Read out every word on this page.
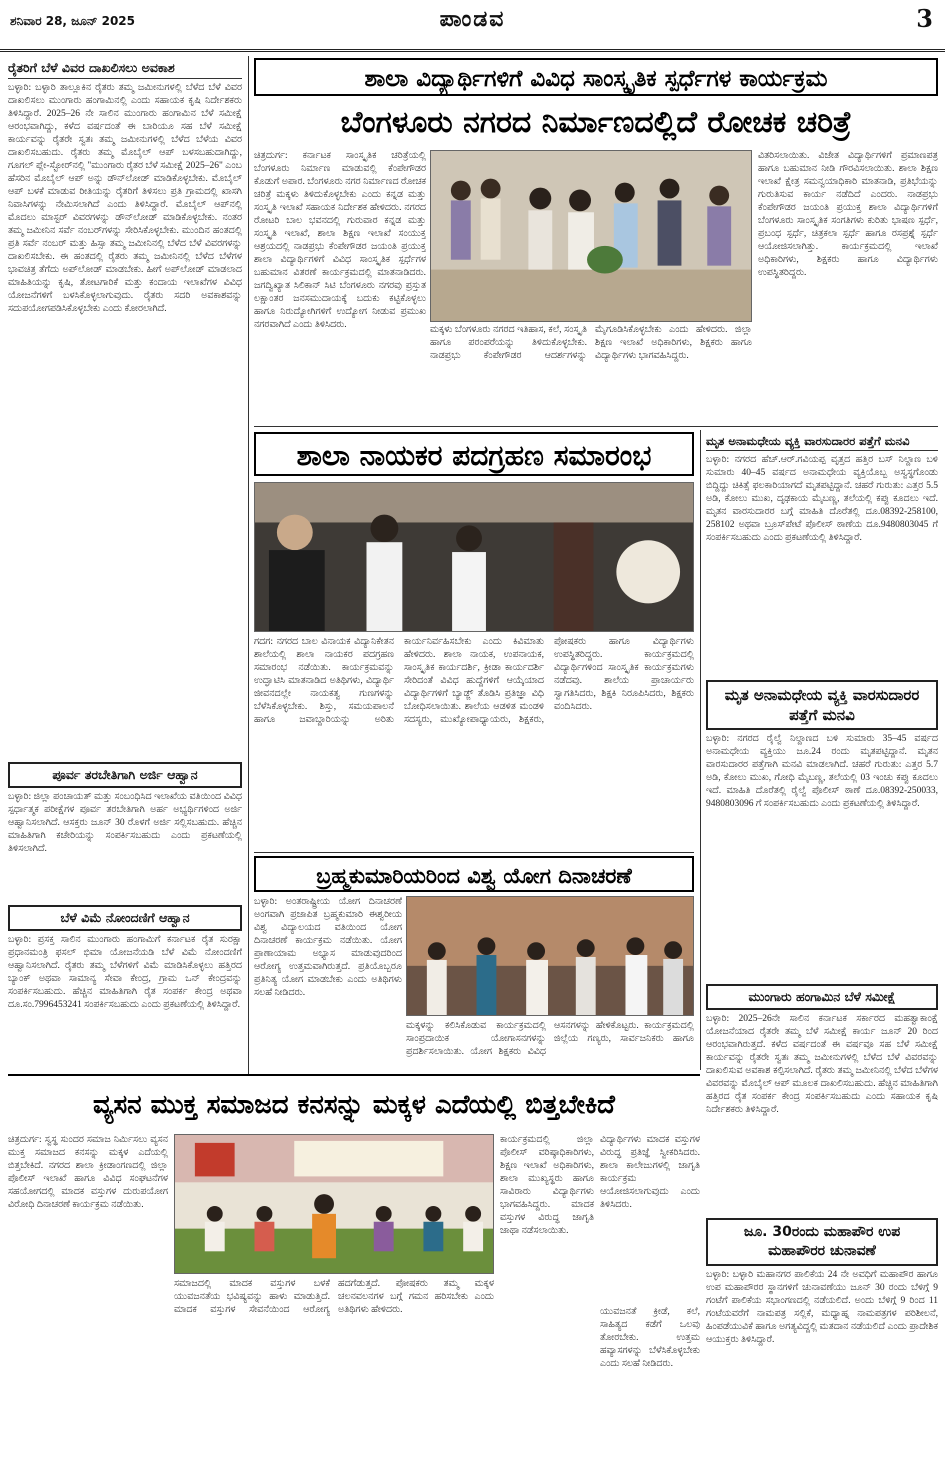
ಶನಿವಾರ 28, ಜೂನ್ 2025	ಪಾಂಡವ	3
ರೈತರಿಗೆ ಬೆಳೆ ವಿವರ ದಾಖಲಿಸಲು ಅವಕಾಶ
ಬಳ್ಳಾರಿ: ಬಳ್ಳಾರಿ ತಾಲ್ಲೂಕಿನ ರೈತರು ತಮ್ಮ ಜಮೀನುಗಳಲ್ಲಿ ಬೆಳೆದ ಬೆಳೆ ವಿವರ ದಾಖಲಿಸಲು ಮುಂಗಾರು ಹಂಗಾಮಿನಲ್ಲಿ ಎಂದು ಸಹಾಯಕ ಕೃಷಿ ನಿರ್ದೇಶಕರು ತಿಳಿಸಿದ್ದಾರೆ. 2025–26 ನೇ ಸಾಲಿನ ಮುಂಗಾರು ಹಂಗಾಮಿನ ಬೆಳೆ ಸಮೀಕ್ಷೆ ಆರಂಭವಾಗಿದ್ದು, ಕಳೆದ ವರ್ಷದಂತೆ ಈ ಬಾರಿಯೂ ಸಹ ಬೆಳೆ ಸಮೀಕ್ಷೆ ಕಾರ್ಯವನ್ನು ರೈತರೇ ಸ್ವತಃ ತಮ್ಮ ಜಮೀನುಗಳಲ್ಲಿ ಬೆಳೆದ ಬೆಳೆಯ ವಿವರ ದಾಖಲಿಸಬಹುದು. ರೈತರು ತಮ್ಮ ಮೊಬೈಲ್ ಆಪ್ ಬಳಸಬಹುದಾಗಿದ್ದು, ಗೂಗಲ್ ಪ್ಲೇ-ಸ್ಟೋರ್‌ನಲ್ಲಿ "ಮುಂಗಾರು ರೈತರ ಬೆಳೆ ಸಮೀಕ್ಷೆ 2025–26" ಎಂಬ ಹೆಸರಿನ ಮೊಬೈಲ್ ಆಪ್ ಅನ್ನು ಡೌನ್‌ಲೋಡ್ ಮಾಡಿಕೊಳ್ಳಬೇಕು. ಮೊಬೈಲ್ ಆಪ್ ಬಳಕೆ ಮಾಡುವ ರೀತಿಯನ್ನು ರೈತರಿಗೆ ತಿಳಿಸಲು ಪ್ರತಿ ಗ್ರಾಮದಲ್ಲಿ ಖಾಸಗಿ ನಿವಾಸಿಗಳನ್ನು ನೇಮಿಸಲಾಗಿದೆ ಎಂದು ತಿಳಿಸಿದ್ದಾರೆ. ಮೊಬೈಲ್ ಆಪ್‌ನಲ್ಲಿ ಮೊದಲು ಮಾಸ್ಟರ್ ವಿವರಗಳನ್ನು ಡೌನ್‌ಲೋಡ್ ಮಾಡಿಕೊಳ್ಳಬೇಕು. ನಂತರ ತಮ್ಮ ಜಮೀನಿನ ಸರ್ವೆ ನಂಬರ್‌ಗಳನ್ನು ಸೇರಿಸಿಕೊಳ್ಳಬೇಕು. ಮುಂದಿನ ಹಂತದಲ್ಲಿ ಪ್ರತಿ ಸರ್ವೆ ನಂಬರ್ ಮತ್ತು ಹಿಸ್ಸಾ ತಮ್ಮ ಜಮೀನಿನಲ್ಲಿ ಬೆಳೆದ ಬೆಳೆ ವಿವರಗಳನ್ನು ದಾಖಲಿಸಬೇಕು. ಈ ಹಂತದಲ್ಲಿ ರೈತರು ತಮ್ಮ ಜಮೀನಿನಲ್ಲಿ ಬೆಳೆದ ಬೆಳೆಗಳ ಭಾವಚಿತ್ರ ತೆಗೆದು ಅಪ್‌ಲೋಡ್ ಮಾಡಬೇಕು. ಹೀಗೆ ಅಪ್‌ಲೋಡ್ ಮಾಡಲಾದ ಮಾಹಿತಿಯನ್ನು ಕೃಷಿ, ತೋಟಗಾರಿಕೆ ಮತ್ತು ಕಂದಾಯ ಇಲಾಖೆಗಳ ವಿವಿಧ ಯೋಜನೆಗಳಿಗೆ ಬಳಸಿಕೊಳ್ಳಲಾಗುವುದು. ರೈತರು ಸದರಿ ಅವಕಾಶವನ್ನು ಸದುಪಯೋಗಪಡಿಸಿಕೊಳ್ಳಬೇಕು ಎಂದು ಕೋರಲಾಗಿದೆ.
ಪೂರ್ವ ತರಬೇತಿಗಾಗಿ ಅರ್ಜಿ ಆಹ್ವಾನ
ಬಳ್ಳಾರಿ: ಜಿಲ್ಲಾ ಪಂಚಾಯತ್ ಮತ್ತು ಸಂಬಂಧಿಸಿದ ಇಲಾಖೆಯ ವತಿಯಿಂದ ವಿವಿಧ ಸ್ಪರ್ಧಾತ್ಮಕ ಪರೀಕ್ಷೆಗಳ ಪೂರ್ವ ತರಬೇತಿಗಾಗಿ ಅರ್ಹ ಅಭ್ಯರ್ಥಿಗಳಿಂದ ಅರ್ಜಿ ಆಹ್ವಾನಿಸಲಾಗಿದೆ. ಆಸಕ್ತರು ಜೂನ್ 30 ರೊಳಗೆ ಅರ್ಜಿ ಸಲ್ಲಿಸಬಹುದು. ಹೆಚ್ಚಿನ ಮಾಹಿತಿಗಾಗಿ ಕಚೇರಿಯನ್ನು ಸಂಪರ್ಕಿಸಬಹುದು ಎಂದು ಪ್ರಕಟಣೆಯಲ್ಲಿ ತಿಳಿಸಲಾಗಿದೆ.
ಬೆಳೆ ವಿಮೆ ನೋಂದಣಿಗೆ ಆಹ್ವಾನ
ಬಳ್ಳಾರಿ: ಪ್ರಸಕ್ತ ಸಾಲಿನ ಮುಂಗಾರು ಹಂಗಾಮಿಗೆ ಕರ್ನಾಟಕ ರೈತ ಸುರಕ್ಷಾ ಪ್ರಧಾನಮಂತ್ರಿ ಫಸಲ್ ಭಿಮಾ ಯೋಜನೆಯಡಿ ಬೆಳೆ ವಿಮೆ ನೋಂದಣಿಗೆ ಆಹ್ವಾನಿಸಲಾಗಿದೆ. ರೈತರು ತಮ್ಮ ಬೆಳೆಗಳಿಗೆ ವಿಮೆ ಮಾಡಿಸಿಕೊಳ್ಳಲು ಹತ್ತಿರದ ಬ್ಯಾಂಕ್ ಅಥವಾ ಸಾಮಾನ್ಯ ಸೇವಾ ಕೇಂದ್ರ, ಗ್ರಾಮ ಒನ್ ಕೇಂದ್ರವನ್ನು ಸಂಪರ್ಕಿಸಬಹುದು. ಹೆಚ್ಚಿನ ಮಾಹಿತಿಗಾಗಿ ರೈತ ಸಂಪರ್ಕ ಕೇಂದ್ರ ಅಥವಾ ದೂ.ಸಂ.7996453241 ಸಂಪರ್ಕಿಸಬಹುದು ಎಂದು ಪ್ರಕಟಣೆಯಲ್ಲಿ ತಿಳಿಸಿದ್ದಾರೆ.
ಶಾಲಾ ವಿದ್ಯಾರ್ಥಿಗಳಿಗೆ ವಿವಿಧ ಸಾಂಸ್ಕೃತಿಕ ಸ್ಪರ್ಧೆಗಳ ಕಾರ್ಯಕ್ರಮ
ಬೆಂಗಳೂರು ನಗರದ ನಿರ್ಮಾಣದಲ್ಲಿದೆ ರೋಚಕ ಚರಿತ್ರೆ
ಚಿತ್ರದುರ್ಗ: ಕರ್ನಾಟಕ ಸಾಂಸ್ಕೃತಿಕ ಚರಿತ್ರೆಯಲ್ಲಿ ಬೆಂಗಳೂರು ನಿರ್ಮಾಣ ಮಾಡುವಲ್ಲಿ ಕೆಂಪೇಗೌಡರ ಕೊಡುಗೆ ಅಪಾರ. ಬೆಂಗಳೂರು ನಗರ ನಿರ್ಮಾಣದ ರೋಚಕ ಚರಿತ್ರೆ ಮಕ್ಕಳು ತಿಳಿದುಕೊಳ್ಳಬೇಕು ಎಂದು ಕನ್ನಡ ಮತ್ತು ಸಂಸ್ಕೃತಿ ಇಲಾಖೆ ಸಹಾಯಕ ನಿರ್ದೇಶಕ ಹೇಳಿದರು. ನಗರದ ರೋಟರಿ ಬಾಲ ಭವನದಲ್ಲಿ ಗುರುವಾರ ಕನ್ನಡ ಮತ್ತು ಸಂಸ್ಕೃತಿ ಇಲಾಖೆ, ಶಾಲಾ ಶಿಕ್ಷಣ ಇಲಾಖೆ ಸಂಯುಕ್ತ ಆಶ್ರಯದಲ್ಲಿ ನಾಡಪ್ರಭು ಕೆಂಪೇಗೌಡರ ಜಯಂತಿ ಪ್ರಯುಕ್ತ ಶಾಲಾ ವಿದ್ಯಾರ್ಥಿಗಳಿಗೆ ವಿವಿಧ ಸಾಂಸ್ಕೃತಿಕ ಸ್ಪರ್ಧೆಗಳ ಬಹುಮಾನ ವಿತರಣೆ ಕಾರ್ಯಕ್ರಮದಲ್ಲಿ ಮಾತನಾಡಿದರು. ಜಗದ್ವಿಖ್ಯಾತ ಸಿಲಿಕಾನ್ ಸಿಟಿ ಬೆಂಗಳೂರು ನಗರವು ಪ್ರಸ್ತುತ ಲಕ್ಷಾಂತರ ಜನಸಮುದಾಯಕ್ಕೆ ಬದುಕು ಕಟ್ಟಿಕೊಳ್ಳಲು ಹಾಗೂ ನಿರುದ್ಯೋಗಿಗಳಿಗೆ ಉದ್ಯೋಗ ನೀಡುವ ಪ್ರಮುಖ ನಗರವಾಗಿದೆ ಎಂದು ತಿಳಿಸಿದರು.	ಮಕ್ಕಳು ಬೆಂಗಳೂರು ನಗರದ ಇತಿಹಾಸ, ಕಲೆ, ಸಂಸ್ಕೃತಿ ಹಾಗೂ ಪರಂಪರೆಯನ್ನು ತಿಳಿದುಕೊಳ್ಳಬೇಕು. ನಾಡಪ್ರಭು ಕೆಂಪೇಗೌಡರ ಆದರ್ಶಗಳನ್ನು ಮೈಗೂಡಿಸಿಕೊಳ್ಳಬೇಕು ಎಂದು ಹೇಳಿದರು. ಜಿಲ್ಲಾ ಶಿಕ್ಷಣ ಇಲಾಖೆ ಅಧಿಕಾರಿಗಳು, ಶಿಕ್ಷಕರು ಹಾಗೂ ವಿದ್ಯಾರ್ಥಿಗಳು ಭಾಗವಹಿಸಿದ್ದರು.
ವಿತರಿಸಲಾಯಿತು. ವಿಜೇತ ವಿದ್ಯಾರ್ಥಿಗಳಿಗೆ ಪ್ರಮಾಣಪತ್ರ ಹಾಗೂ ಬಹುಮಾನ ನೀಡಿ ಗೌರವಿಸಲಾಯಿತು. ಶಾಲಾ ಶಿಕ್ಷಣ ಇಲಾಖೆ ಕ್ಷೇತ್ರ ಸಮನ್ವಯಾಧಿಕಾರಿ ಮಾತನಾಡಿ, ಪ್ರತಿಭೆಯನ್ನು ಗುರುತಿಸುವ ಕಾರ್ಯ ನಡೆದಿದೆ ಎಂದರು. ನಾಡಪ್ರಭು ಕೆಂಪೇಗೌಡರ ಜಯಂತಿ ಪ್ರಯುಕ್ತ ಶಾಲಾ ವಿದ್ಯಾರ್ಥಿಗಳಿಗೆ ಬೆಂಗಳೂರು ಸಾಂಸ್ಕೃತಿಕ ಸಂಗತಿಗಳು ಕುರಿತು ಭಾಷಣ ಸ್ಪರ್ಧೆ, ಪ್ರಬಂಧ ಸ್ಪರ್ಧೆ, ಚಿತ್ರಕಲಾ ಸ್ಪರ್ಧೆ ಹಾಗೂ ರಸಪ್ರಶ್ನೆ ಸ್ಪರ್ಧೆ ಆಯೋಜಿಸಲಾಗಿತ್ತು. ಕಾರ್ಯಕ್ರಮದಲ್ಲಿ ಇಲಾಖೆ ಅಧಿಕಾರಿಗಳು, ಶಿಕ್ಷಕರು ಹಾಗೂ ವಿದ್ಯಾರ್ಥಿಗಳು ಉಪಸ್ಥಿತರಿದ್ದರು.
ಶಾಲಾ ನಾಯಕರ ಪದಗ್ರಹಣ ಸಮಾರಂಭ
ಗದಗ: ನಗರದ ಬಾಲ ವಿನಾಯಕ ವಿದ್ಯಾನಿಕೇತನ ಶಾಲೆಯಲ್ಲಿ ಶಾಲಾ ನಾಯಕರ ಪದಗ್ರಹಣ ಸಮಾರಂಭ ನಡೆಯಿತು. ಕಾರ್ಯಕ್ರಮವನ್ನು ಉದ್ಘಾಟಿಸಿ ಮಾತನಾಡಿದ ಅತಿಥಿಗಳು, ವಿದ್ಯಾರ್ಥಿ ಜೀವನದಲ್ಲೇ ನಾಯಕತ್ವ ಗುಣಗಳನ್ನು ಬೆಳೆಸಿಕೊಳ್ಳಬೇಕು. ಶಿಸ್ತು, ಸಮಯಪಾಲನೆ ಹಾಗೂ ಜವಾಬ್ದಾರಿಯನ್ನು ಅರಿತು ಕಾರ್ಯನಿರ್ವಹಿಸಬೇಕು ಎಂದು ಕಿವಿಮಾತು ಹೇಳಿದರು. ಶಾಲಾ ನಾಯಕ, ಉಪನಾಯಕ, ಸಾಂಸ್ಕೃತಿಕ ಕಾರ್ಯದರ್ಶಿ, ಕ್ರೀಡಾ ಕಾರ್ಯದರ್ಶಿ ಸೇರಿದಂತೆ ವಿವಿಧ ಹುದ್ದೆಗಳಿಗೆ ಆಯ್ಕೆಯಾದ ವಿದ್ಯಾರ್ಥಿಗಳಿಗೆ ಬ್ಯಾಡ್ಜ್ ತೊಡಿಸಿ ಪ್ರತಿಜ್ಞಾ ವಿಧಿ ಬೋಧಿಸಲಾಯಿತು. ಶಾಲೆಯ ಆಡಳಿತ ಮಂಡಳಿ ಸದಸ್ಯರು, ಮುಖ್ಯೋಪಾಧ್ಯಾಯರು, ಶಿಕ್ಷಕರು, ಪೋಷಕರು ಹಾಗೂ ವಿದ್ಯಾರ್ಥಿಗಳು ಉಪಸ್ಥಿತರಿದ್ದರು. ಕಾರ್ಯಕ್ರಮದಲ್ಲಿ ವಿದ್ಯಾರ್ಥಿಗಳಿಂದ ಸಾಂಸ್ಕೃತಿಕ ಕಾರ್ಯಕ್ರಮಗಳು ನಡೆದವು. ಶಾಲೆಯ ಪ್ರಾಚಾರ್ಯರು ಸ್ವಾಗತಿಸಿದರು, ಶಿಕ್ಷಕಿ ನಿರೂಪಿಸಿದರು, ಶಿಕ್ಷಕರು ವಂದಿಸಿದರು.
ಮೃತ ಅನಾಮಧೇಯ ವ್ಯಕ್ತಿ ವಾರಸುದಾರರ ಪತ್ತೆಗೆ ಮನವಿ
ಬಳ್ಳಾರಿ: ನಗರದ ಹೆಚ್.ಆರ್.ಗವಿಯಪ್ಪ ವೃತ್ತದ ಹತ್ತಿರ ಬಸ್ ನಿಲ್ದಾಣ ಬಳಿ ಸುಮಾರು 40–45 ವರ್ಷದ ಅನಾಮಧೇಯ ವ್ಯಕ್ತಿಯೊಬ್ಬ ಅಸ್ವಸ್ಥಗೊಂಡು ಬಿದ್ದಿದ್ದು ಚಿಕಿತ್ಸೆ ಫಲಕಾರಿಯಾಗದೆ ಮೃತಪಟ್ಟಿದ್ದಾನೆ. ಚಹರೆ ಗುರುತು: ಎತ್ತರ 5.5 ಅಡಿ, ಕೋಲು ಮುಖ, ದೃಢಕಾಯ ಮೈಬಣ್ಣ, ತಲೆಯಲ್ಲಿ ಕಪ್ಪು ಕೂದಲು ಇದೆ. ಮೃತನ ವಾರಸುದಾರರ ಬಗ್ಗೆ ಮಾಹಿತಿ ದೊರೆತಲ್ಲಿ ದೂ.08392-258100, 258102 ಅಥವಾ ಬ್ರೂಸ್‌ಪೇಟೆ ಪೊಲೀಸ್ ಠಾಣೆಯ ದೂ.9480803045 ಗೆ ಸಂಪರ್ಕಿಸಬಹುದು ಎಂದು ಪ್ರಕಟಣೆಯಲ್ಲಿ ತಿಳಿಸಿದ್ದಾರೆ.
ಮೃತ ಅನಾಮಧೇಯ ವ್ಯಕ್ತಿ ವಾರಸುದಾರರ ಪತ್ತೆಗೆ ಮನವಿ
ಬಳ್ಳಾರಿ: ನಗರದ ರೈಲ್ವೆ ನಿಲ್ದಾಣದ ಬಳಿ ಸುಮಾರು 35–45 ವರ್ಷದ ಅನಾಮಧೇಯ ವ್ಯಕ್ತಿಯು ಜೂ.24 ರಂದು ಮೃತಪಟ್ಟಿದ್ದಾನೆ. ಮೃತನ ವಾರಸುದಾರರ ಪತ್ತೆಗಾಗಿ ಮನವಿ ಮಾಡಲಾಗಿದೆ. ಚಹರೆ ಗುರುತು: ಎತ್ತರ 5.7 ಅಡಿ, ಕೋಲು ಮುಖ, ಗೋಧಿ ಮೈಬಣ್ಣ, ತಲೆಯಲ್ಲಿ 03 ಇಂಚು ಕಪ್ಪು ಕೂದಲು ಇದೆ. ಮಾಹಿತಿ ದೊರೆತಲ್ಲಿ ರೈಲ್ವೆ ಪೊಲೀಸ್ ಠಾಣೆ ದೂ.08392-250033, 9480803096 ಗೆ ಸಂಪರ್ಕಿಸಬಹುದು ಎಂದು ಪ್ರಕಟಣೆಯಲ್ಲಿ ತಿಳಿಸಿದ್ದಾರೆ.
ಮುಂಗಾರು ಹಂಗಾಮಿನ ಬೆಳೆ ಸಮೀಕ್ಷೆ
ಬಳ್ಳಾರಿ: 2025–26ನೇ ಸಾಲಿನ ಕರ್ನಾಟಕ ಸರ್ಕಾರದ ಮಹತ್ವಾಕಾಂಕ್ಷೆ ಯೋಜನೆಯಾದ ರೈತರೇ ತಮ್ಮ ಬೆಳೆ ಸಮೀಕ್ಷೆ ಕಾರ್ಯ ಜೂನ್ 20 ರಿಂದ ಆರಂಭವಾಗಿರುತ್ತದೆ. ಕಳೆದ ವರ್ಷದಂತೆ ಈ ವರ್ಷವೂ ಸಹ ಬೆಳೆ ಸಮೀಕ್ಷೆ ಕಾರ್ಯವನ್ನು ರೈತರೇ ಸ್ವತಃ ತಮ್ಮ ಜಮೀನುಗಳಲ್ಲಿ ಬೆಳೆದ ಬೆಳೆ ವಿವರವನ್ನು ದಾಖಲಿಸುವ ಅವಕಾಶ ಕಲ್ಪಿಸಲಾಗಿದೆ. ರೈತರು ತಮ್ಮ ಜಮೀನಿನಲ್ಲಿ ಬೆಳೆದ ಬೆಳೆಗಳ ವಿವರವನ್ನು ಮೊಬೈಲ್ ಆಪ್ ಮೂಲಕ ದಾಖಲಿಸಬಹುದು. ಹೆಚ್ಚಿನ ಮಾಹಿತಿಗಾಗಿ ಹತ್ತಿರದ ರೈತ ಸಂಪರ್ಕ ಕೇಂದ್ರ ಸಂಪರ್ಕಿಸಬಹುದು ಎಂದು ಸಹಾಯಕ ಕೃಷಿ ನಿರ್ದೇಶಕರು ತಿಳಿಸಿದ್ದಾರೆ.
ಜೂ. 30ರಂದು ಮಹಾಪೌರ ಉಪ ಮಹಾಪೌರರ ಚುನಾವಣೆ
ಬಳ್ಳಾರಿ: ಬಳ್ಳಾರಿ ಮಹಾನಗರ ಪಾಲಿಕೆಯ 24 ನೇ ಅವಧಿಗೆ ಮಹಾಪೌರ ಹಾಗೂ ಉಪ ಮಹಾಪೌರರ ಸ್ಥಾನಗಳಿಗೆ ಚುನಾವಣೆಯು ಜೂನ್ 30 ರಂದು ಬೆಳಿಗ್ಗೆ 9 ಗಂಟೆಗೆ ಪಾಲಿಕೆಯ ಸಭಾಂಗಣದಲ್ಲಿ ನಡೆಯಲಿದೆ. ಅಂದು ಬೆಳಿಗ್ಗೆ 9 ರಿಂದ 11 ಗಂಟೆಯವರೆಗೆ ನಾಮಪತ್ರ ಸಲ್ಲಿಕೆ, ಮಧ್ಯಾಹ್ನ ನಾಮಪತ್ರಗಳ ಪರಿಶೀಲನೆ, ಹಿಂಪಡೆಯುವಿಕೆ ಹಾಗೂ ಅಗತ್ಯವಿದ್ದಲ್ಲಿ ಮತದಾನ ನಡೆಯಲಿದೆ ಎಂದು ಪ್ರಾದೇಶಿಕ ಆಯುಕ್ತರು ತಿಳಿಸಿದ್ದಾರೆ.
ಬ್ರಹ್ಮಕುಮಾರಿಯರಿಂದ ವಿಶ್ವ ಯೋಗ ದಿನಾಚರಣೆ
ಬಳ್ಳಾರಿ: ಅಂತರಾಷ್ಟ್ರೀಯ ಯೋಗ ದಿನಾಚರಣೆ ಅಂಗವಾಗಿ ಪ್ರಜಾಪಿತ ಬ್ರಹ್ಮಕುಮಾರಿ ಈಶ್ವರೀಯ ವಿಶ್ವ ವಿದ್ಯಾಲಯದ ವತಿಯಿಂದ ಯೋಗ ದಿನಾಚರಣೆ ಕಾರ್ಯಕ್ರಮ ನಡೆಯಿತು. ಯೋಗ ಪ್ರಾಣಾಯಾಮ ಅಭ್ಯಾಸ ಮಾಡುವುದರಿಂದ ಆರೋಗ್ಯ ಉತ್ತಮವಾಗಿರುತ್ತದೆ. ಪ್ರತಿಯೊಬ್ಬರೂ ಪ್ರತಿನಿತ್ಯ ಯೋಗ ಮಾಡಬೇಕು ಎಂದು ಅತಿಥಿಗಳು ಸಲಹೆ ನೀಡಿದರು.
ಮಕ್ಕಳನ್ನು ಕಲಿಸಿಕೊಡುವ ಕಾರ್ಯಕ್ರಮದಲ್ಲಿ ಸಾಂಪ್ರದಾಯಿಕ ಯೋಗಾಸನಗಳನ್ನು ಪ್ರದರ್ಶಿಸಲಾಯಿತು. ಯೋಗ ಶಿಕ್ಷಕರು ವಿವಿಧ ಆಸನಗಳನ್ನು ಹೇಳಿಕೊಟ್ಟರು. ಕಾರ್ಯಕ್ರಮದಲ್ಲಿ ಜಿಲ್ಲೆಯ ಗಣ್ಯರು, ಸಾರ್ವಜನಿಕರು ಹಾಗೂ
ವ್ಯಸನ ಮುಕ್ತ ಸಮಾಜದ ಕನಸನ್ನು ಮಕ್ಕಳ ಎದೆಯಲ್ಲಿ ಬಿತ್ತಬೇಕಿದೆ
ಚಿತ್ರದುರ್ಗ: ಸ್ವಸ್ಥ ಸುಂದರ ಸಮಾಜ ನಿರ್ಮಿಸಲು ವ್ಯಸನ ಮುಕ್ತ ಸಮಾಜದ ಕನಸನ್ನು ಮಕ್ಕಳ ಎದೆಯಲ್ಲಿ ಬಿತ್ತಬೇಕಿದೆ. ನಗರದ ಶಾಲಾ ಕ್ರೀಡಾಂಗಣದಲ್ಲಿ ಜಿಲ್ಲಾ ಪೊಲೀಸ್ ಇಲಾಖೆ ಹಾಗೂ ವಿವಿಧ ಸಂಘಟನೆಗಳ ಸಹಯೋಗದಲ್ಲಿ ಮಾದಕ ವಸ್ತುಗಳ ದುರುಪಯೋಗ ವಿರೋಧಿ ದಿನಾಚರಣೆ ಕಾರ್ಯಕ್ರಮ ನಡೆಯಿತು.
ಸಮಾಜದಲ್ಲಿ ಮಾದಕ ವಸ್ತುಗಳ ಬಳಕೆ ಯುವಜನತೆಯ ಭವಿಷ್ಯವನ್ನು ಹಾಳು ಮಾಡುತ್ತಿದೆ. ಮಾದಕ ವಸ್ತುಗಳ ಸೇವನೆಯಿಂದ ಆರೋಗ್ಯ ಹದಗೆಡುತ್ತದೆ. ಪೋಷಕರು ತಮ್ಮ ಮಕ್ಕಳ ಚಲನವಲನಗಳ ಬಗ್ಗೆ ಗಮನ ಹರಿಸಬೇಕು ಎಂದು ಅತಿಥಿಗಳು ಹೇಳಿದರು.
ಕಾರ್ಯಕ್ರಮದಲ್ಲಿ ಜಿಲ್ಲಾ ಪೊಲೀಸ್ ವರಿಷ್ಠಾಧಿಕಾರಿಗಳು, ಶಿಕ್ಷಣ ಇಲಾಖೆ ಅಧಿಕಾರಿಗಳು, ಶಾಲಾ ಮುಖ್ಯಸ್ಥರು ಹಾಗೂ ಸಾವಿರಾರು ವಿದ್ಯಾರ್ಥಿಗಳು ಭಾಗವಹಿಸಿದ್ದರು. ಮಾದಕ ವಸ್ತುಗಳ ವಿರುದ್ಧ ಜಾಗೃತಿ ಜಾಥಾ ನಡೆಸಲಾಯಿತು.
ವಿದ್ಯಾರ್ಥಿಗಳು ಮಾದಕ ವಸ್ತುಗಳ ವಿರುದ್ಧ ಪ್ರತಿಜ್ಞೆ ಸ್ವೀಕರಿಸಿದರು. ಶಾಲಾ ಕಾಲೇಜುಗಳಲ್ಲಿ ಜಾಗೃತಿ ಕಾರ್ಯಕ್ರಮ ಆಯೋಜಿಸಲಾಗುವುದು ಎಂದು ತಿಳಿಸಿದರು.
ಯುವಜನತೆ ಕ್ರೀಡೆ, ಕಲೆ, ಸಾಹಿತ್ಯದ ಕಡೆಗೆ ಒಲವು ತೋರಬೇಕು. ಉತ್ತಮ ಹವ್ಯಾಸಗಳನ್ನು ಬೆಳೆಸಿಕೊಳ್ಳಬೇಕು ಎಂದು ಸಲಹೆ ನೀಡಿದರು.
